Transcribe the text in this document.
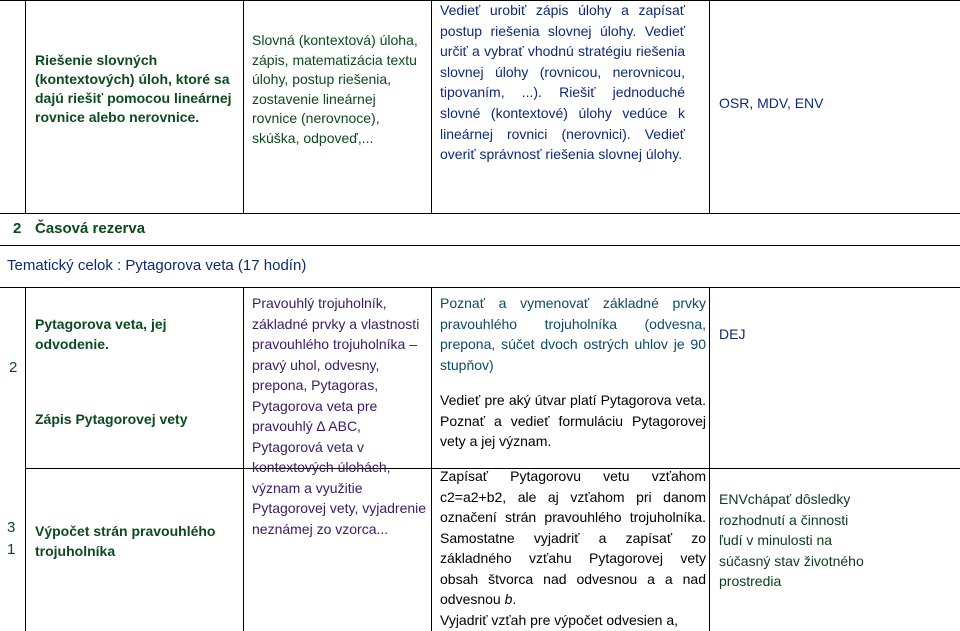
Riešenie slovných (kontextových) úloh, ktoré sa dajú riešiť pomocou lineárnej rovnice alebo nerovnice.
Slovná (kontextová) úloha, zápis, matematizácia textu úlohy, postup riešenia, zostavenie lineárnej rovnice (nerovnoce), skúška, odpoveď,...
Vedieť urobiť zápis úlohy a zapísať postup riešenia slovnej úlohy. Vedieť určiť a vybrať vhodnú stratégiu riešenia slovnej úlohy (rovnicou, nerovnicou, tipovaním, ...). Riešiť jednoduché slovné (kontextové) úlohy vedúce k lineárnej rovnici (nerovnici). Vedieť overiť správnosť riešenia slovnej úlohy.
OSR, MDV, ENV
2 Časová rezerva
Tematický celok : Pytagorova veta (17 hodín)
2
3
1
Pytagorova veta, jej odvodenie.
Zápis Pytagorovej vety
Výpočet strán pravouhlého trojuholníka
Pravouhlý trojuholník, základné prvky a vlastnosti pravouhlého trojuholníka – pravý uhol, odvesny, prepona, Pytagoras, Pytagorova veta pre pravouhlý ∆ ABC, Pytagorová veta v kontextových úlohách, význam a využitie Pytagorovej vety, vyjadrenie neznámej zo vzorca...
Poznať a vymenovať základné prvky pravouhlého trojuholníka (odvesna, prepona, súčet dvoch ostrých uhlov je 90 stupňov)
Vedieť pre aký útvar platí Pytagorova veta. Poznať a vedieť formuláciu Pytagorovej vety a jej význam.
Zapísať Pytagorovu vetu vzťahom c2=a2+b2, ale aj vzťahom pri danom označení strán pravouhlého trojuholníka. Samostatne vyjadriť a zapísať zo základného vzťahu Pytagorovej vety obsah štvorca nad odvesnou a a nad odvesnou b.
Vyjadriť vzťah pre výpočet odvesien a,
DEJ
ENVchápať dôsledky rozhodnutí a činnosti ľudí v minulosti na súčasný stav životného prostredia
